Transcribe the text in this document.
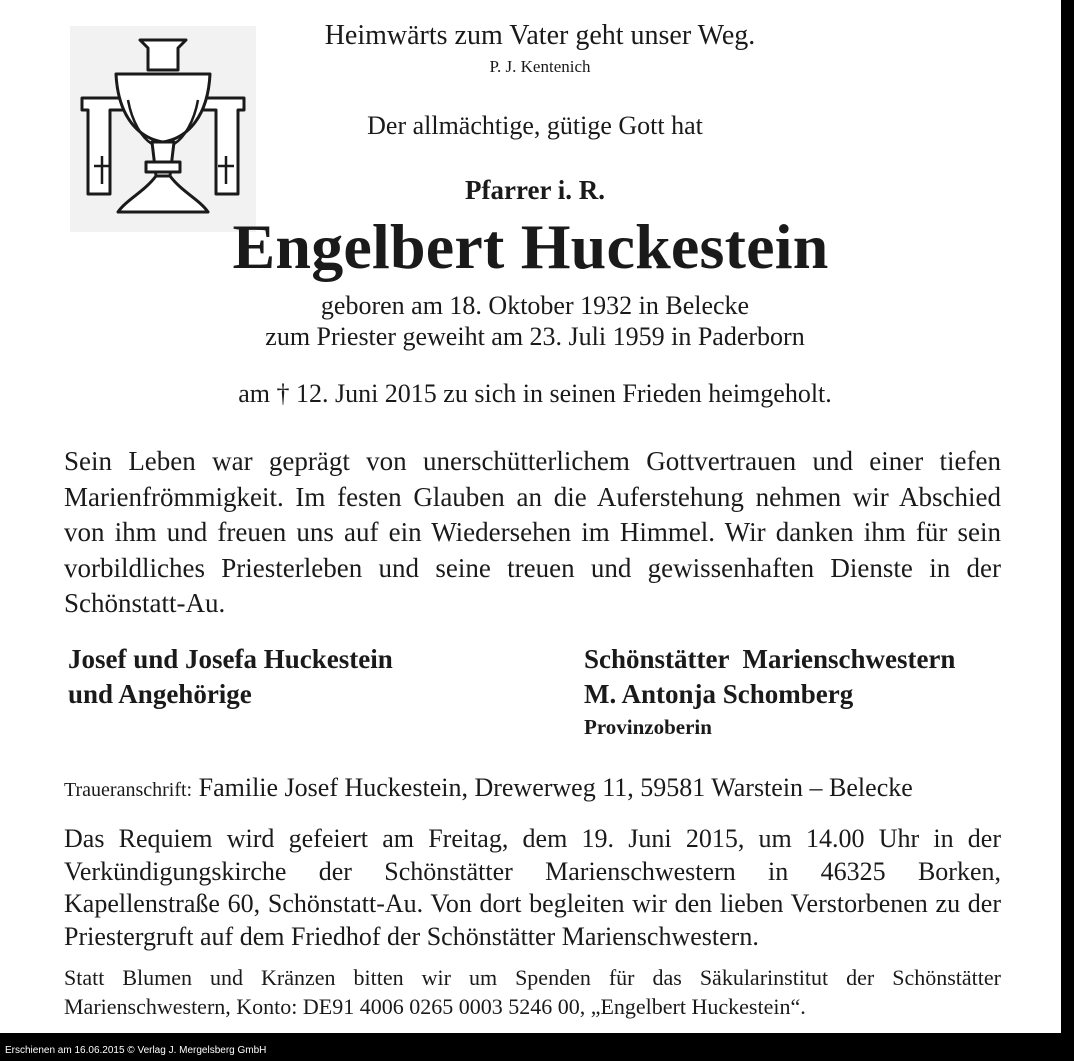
Heimwärts zum Vater geht unser Weg.
P. J. Kentenich
Der allmächtige, gütige Gott hat
Pfarrer i. R.
Engelbert Huckestein
geboren am 18. Oktober 1932 in Belecke
zum Priester geweiht am 23. Juli 1959 in Paderborn
am † 12. Juni 2015 zu sich in seinen Frieden heimgeholt.

Sein Leben war geprägt von unerschütterlichem Gottvertrauen und einer tiefen Marienfrömmigkeit. Im festen Glauben an die Auferstehung nehmen wir Abschied von ihm und freuen uns auf ein Wiedersehen im Himmel. Wir danken ihm für sein vorbildliches Priesterleben und seine treuen und gewissenhaften Dienste in der Schönstatt-Au.

Josef und Josefa Huckestein
und Angehörige
Schönstätter  Marienschwestern
M. Antonja Schomberg
Provinzoberin
Traueranschrift: Familie Josef Huckestein, Drewerweg 11, 59581 Warstein – Belecke

Das Requiem wird gefeiert am Freitag, dem 19. Juni 2015, um 14.00 Uhr in der Verkündigungskirche der Schönstätter Marienschwestern in 46325 Borken, Kapellenstraße 60, Schönstatt-Au. Von dort begleiten wir den lieben Verstorbenen zu der Priestergruft auf dem Friedhof der Schönstätter Marienschwestern.

Statt Blumen und Kränzen bitten wir um Spenden für das Säkularinstitut der Schönstätter Marienschwestern, Konto: DE91 4006 0265 0003 5246 00, „Engelbert Huckestein“.

Erschienen am 16.06.2015 © Verlag J. Mergelsberg GmbH
